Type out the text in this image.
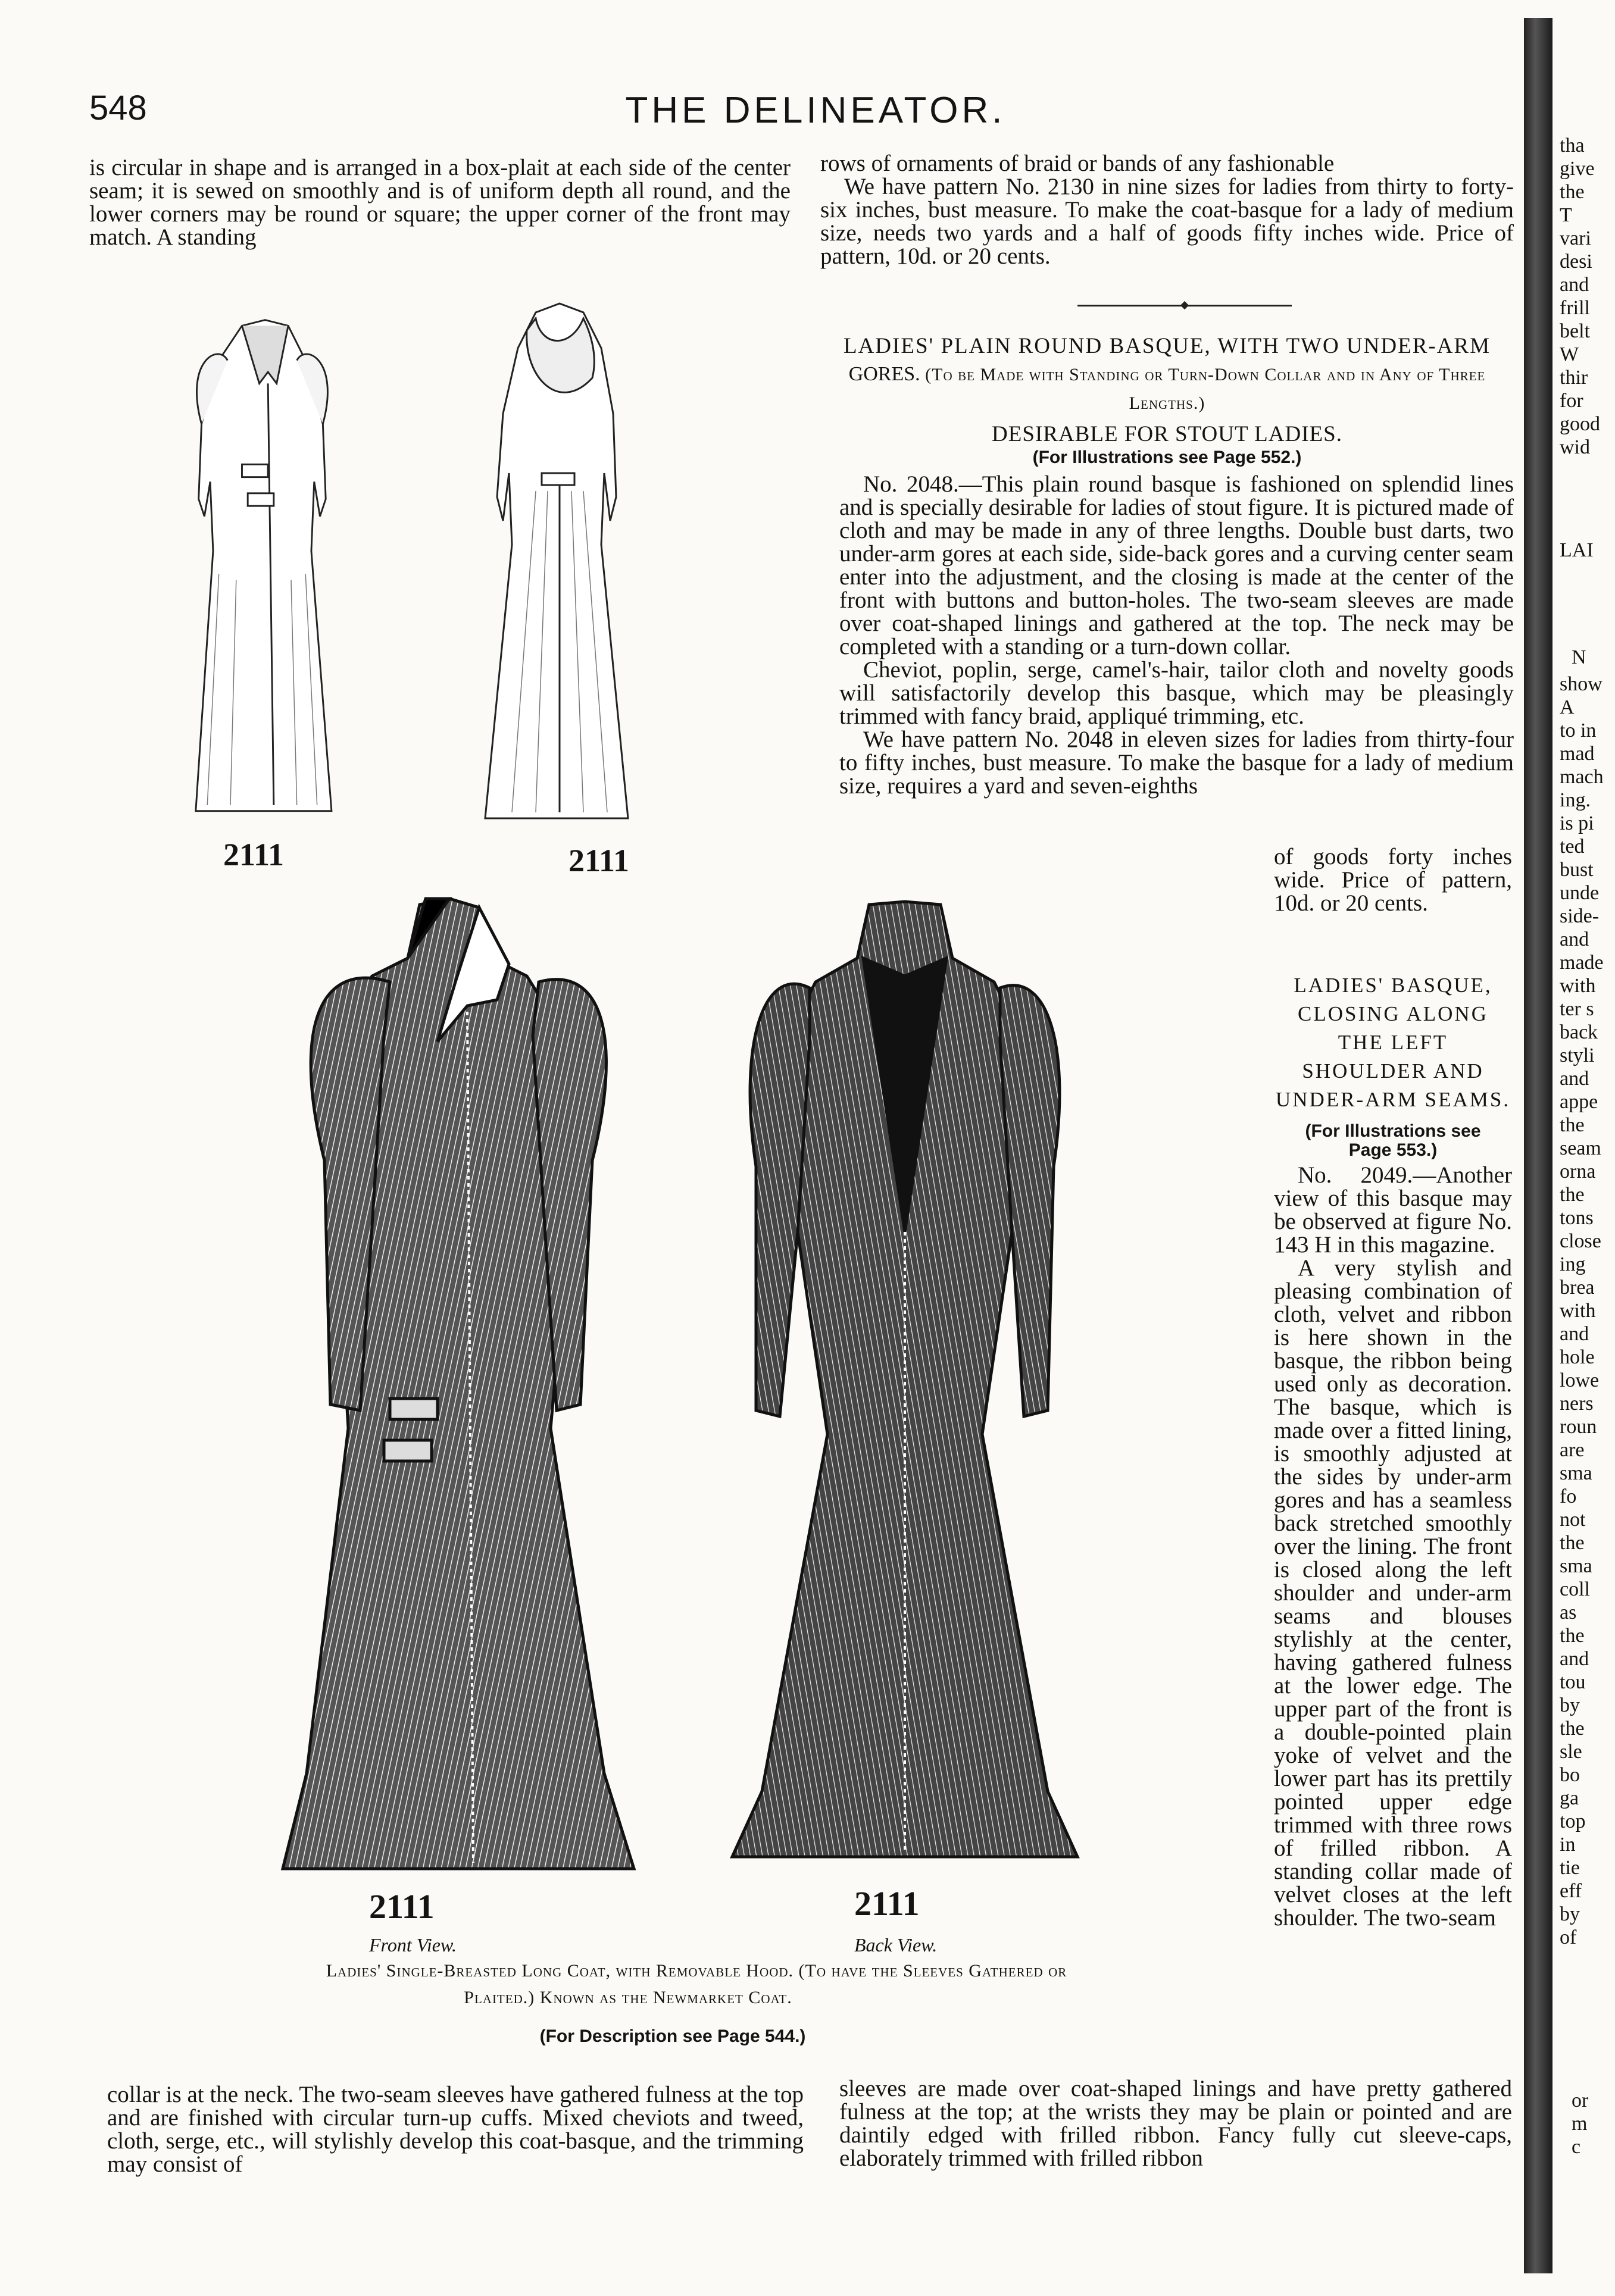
548	THE DELINEATOR.
is circular in shape and is arranged in a box-plait at each side of the center seam; it is sewed on smoothly and is of uniform depth all round, and the lower corners may be round or square; the upper corner of the front may match. A standing

rows of ornaments of braid or bands of any fashionable

We have pattern No. 2130 in nine sizes for ladies from thirty to forty-six inches, bust measure. To make the coat-basque for a lady of medium size, needs two yards and a half of goods fifty inches wide. Price of pattern, 10d. or 20 cents.

LADIES' PLAIN ROUND BASQUE, WITH TWO UNDER-ARM
GORES. (To be Made with Standing or Turn-Down Collar and in Any of Three Lengths.)
DESIRABLE FOR STOUT LADIES.
(For Illustrations see Page 552.)

No. 2048.—This plain round basque is fashioned on splendid lines and is specially desirable for ladies of stout figure. It is pictured made of cloth and may be made in any of three lengths. Double bust darts, two under-arm gores at each side, side-back gores and a curving center seam enter into the adjustment, and the closing is made at the center of the front with buttons and button-holes. The two-seam sleeves are made over coat-shaped linings and gathered at the top. The neck may be completed with a standing or a turn-down collar.

Cheviot, poplin, serge, camel's-hair, tailor cloth and novelty goods will satisfactorily develop this basque, which may be pleasingly trimmed with fancy braid, appliqué trimming, etc.

We have pattern No. 2048 in eleven sizes for ladies from thirty-four to fifty inches, bust measure. To make the basque for a lady of medium size, requires a yard and seven-eighths

of goods forty inches wide. Price of pattern, 10d. or 20 cents.
LADIES' BASQUE, CLOSING ALONG THE LEFT SHOULDER AND UNDER-ARM SEAMS.
(For Illustrations see Page 553.)

No. 2049.—Another view of this basque may be observed at figure No. 143 H in this magazine.

A very stylish and pleasing combination of cloth, velvet and ribbon is here shown in the basque, the ribbon being used only as decoration. The basque, which is made over a fitted lining, is smoothly adjusted at the sides by under-arm gores and has a seamless back stretched smoothly over the lining. The front is closed along the left shoulder and under-arm seams and blouses stylishly at the center, having gathered fulness at the lower edge. The upper part of the front is a double-pointed plain yoke of velvet and the lower part has its prettily pointed upper edge trimmed with three rows of frilled ribbon. A standing collar made of velvet closes at the left shoulder. The two-seam

2111	2111
2111	2111
Front View.	Back View.
Ladies' Single-Breasted Long Coat, with Removable Hood. (To have the Sleeves Gathered or
Plaited.) Known as the Newmarket Coat.
(For Description see Page 544.)
collar is at the neck. The two-seam sleeves have gathered fulness at the top and are finished with circular turn-up cuffs. Mixed cheviots and tweed, cloth, serge, etc., will stylishly develop this coat-basque, and the trimming may consist of
sleeves are made over coat-shaped linings and have pretty gathered fulness at the top; at the wrists they may be plain or pointed and are daintily edged with frilled ribbon. Fancy fully cut sleeve-caps, elaborately trimmed with frilled ribbon

tha

give

the

T

vari

desi

and

frill

belt

W

thir

for

good

wid

LAI
N

show

A

to in

mad

mach

ing.

is pi

ted

bust

unde

side-

and

made

with

ter s

back

styli

and

appe

the

seam

orna

the

tons

close

ing

brea

with

and

hole

lowe

ners

roun

are

sma

fo

not

the

sma

coll

as

the

and

tou

by

the

sle

bo

ga

top

in

tie

eff

by

of

or

m

c
